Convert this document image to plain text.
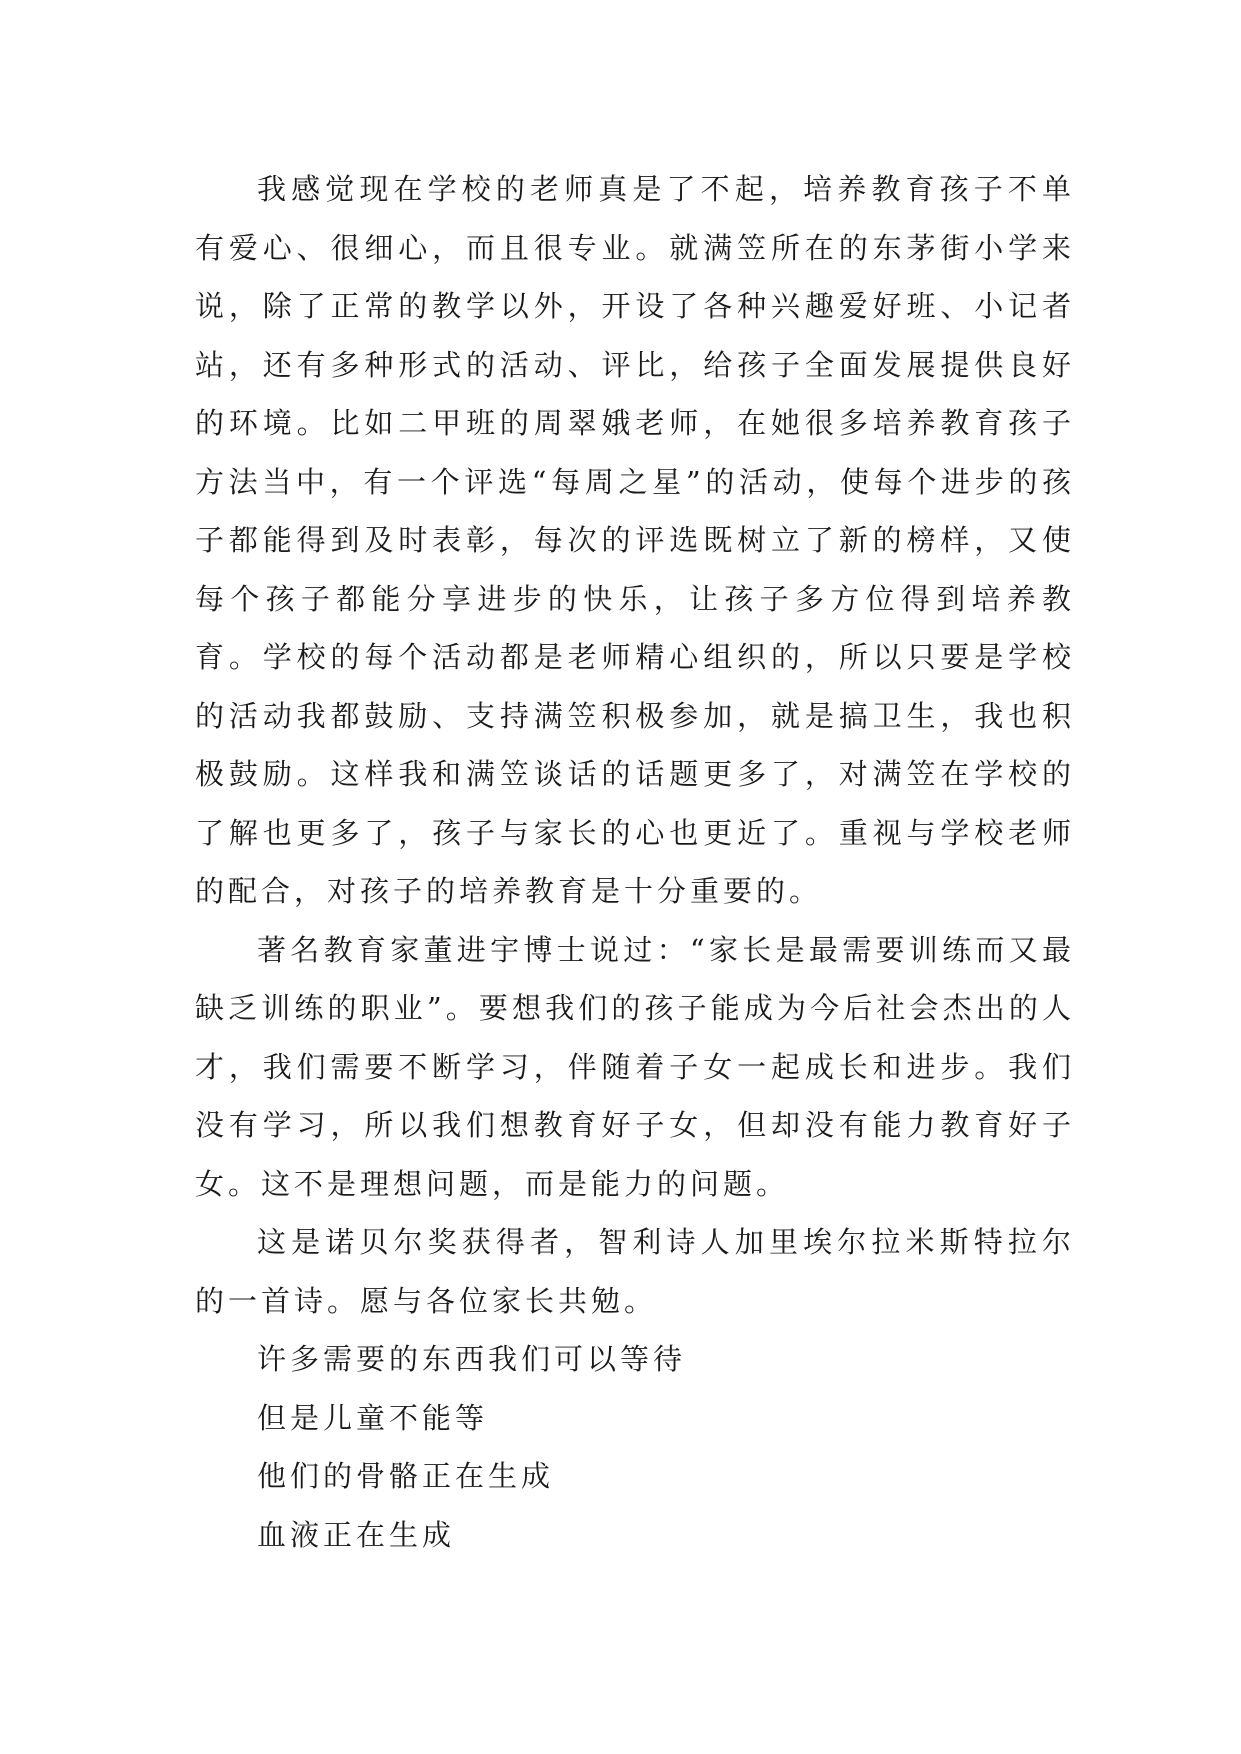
我感觉现在学校的老师真是了不起，培养教育孩子不单有爱心、很细心，而且很专业。就满笠所在的东茅街小学来说，除了正常的教学以外，开设了各种兴趣爱好班、小记者站，还有多种形式的活动、评比，给孩子全面发展提供良好的环境。比如二甲班的周翠娥老师，在她很多培养教育孩子方法当中，有一个评选“每周之星”的活动，使每个进步的孩子都能得到及时表彰，每次的评选既树立了新的榜样，又使每个孩子都能分享进步的快乐，让孩子多方位得到培养教育。学校的每个活动都是老师精心组织的，所以只要是学校的活动我都鼓励、支持满笠积极参加，就是搞卫生，我也积极鼓励。这样我和满笠谈话的话题更多了，对满笠在学校的了解也更多了，孩子与家长的心也更近了。重视与学校老师的配合，对孩子的培养教育是十分重要的。

著名教育家董进宇博士说过：“家长是最需要训练而又最缺乏训练的职业”。要想我们的孩子能成为今后社会杰出的人才，我们需要不断学习，伴随着子女一起成长和进步。我们没有学习，所以我们想教育好子女，但却没有能力教育好子女。这不是理想问题，而是能力的问题。

这是诺贝尔奖获得者，智利诗人加里埃尔拉米斯特拉尔的一首诗。愿与各位家长共勉。

许多需要的东西我们可以等待

但是儿童不能等

他们的骨骼正在生成

血液正在生成
